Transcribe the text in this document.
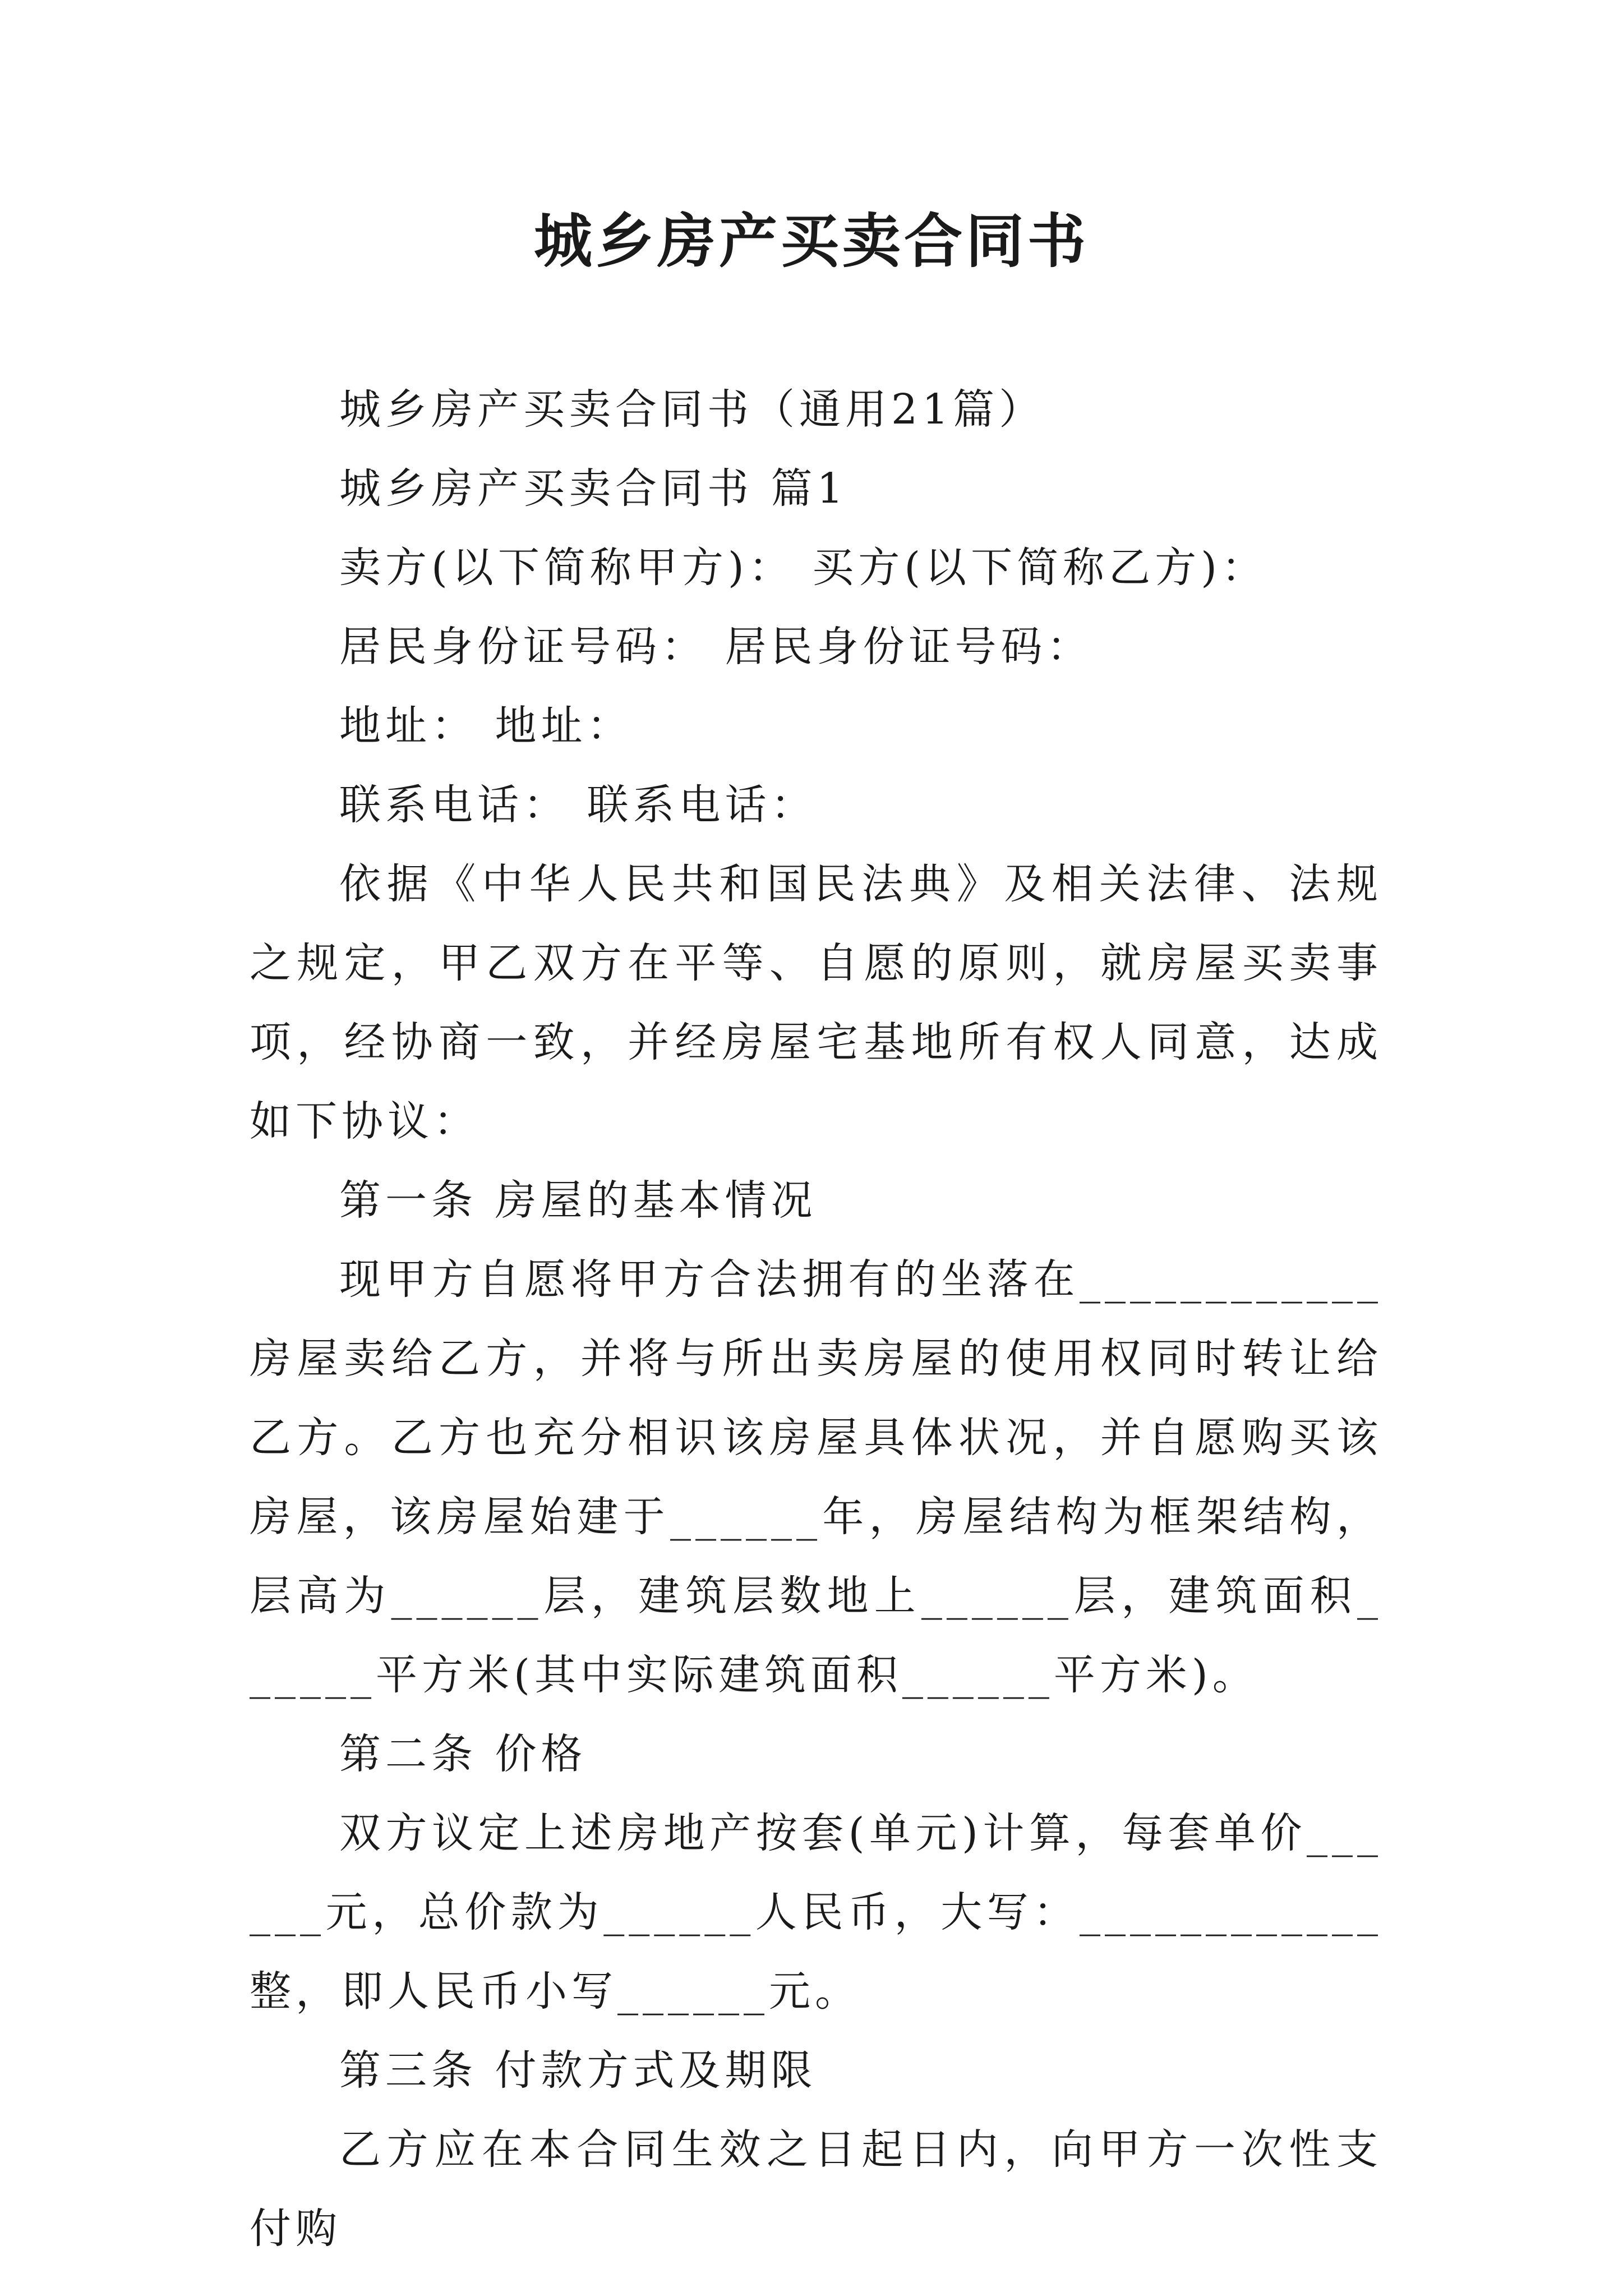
城乡房产买卖合同书

城乡房产买卖合同书（通用21篇）

城乡房产买卖合同书 篇1

卖方(以下简称甲方)： 买方(以下简称乙方)：

居民身份证号码： 居民身份证号码：

地址： 地址：

联系电话： 联系电话：

依据《中华人民共和国民法典》及相关法律、法规之规定，甲乙双方在平等、自愿的原则，就房屋买卖事项，经协商一致，并经房屋宅基地所有权人同意，达成如下协议：

第一条 房屋的基本情况

现甲方自愿将甲方合法拥有的坐落在____________房屋卖给乙方，并将与所出卖房屋的使用权同时转让给乙方。乙方也充分相识该房屋具体状况，并自愿购买该房屋，该房屋始建于______年，房屋结构为框架结构，层高为______层，建筑层数地上______层，建筑面积______平方米(其中实际建筑面积______平方米)。

第二条 价格

双方议定上述房地产按套(单元)计算，每套单价______元，总价款为______人民币，大写：____________整，即人民币小写______元。

第三条 付款方式及期限

乙方应在本合同生效之日起日内，向甲方一次性支付购
